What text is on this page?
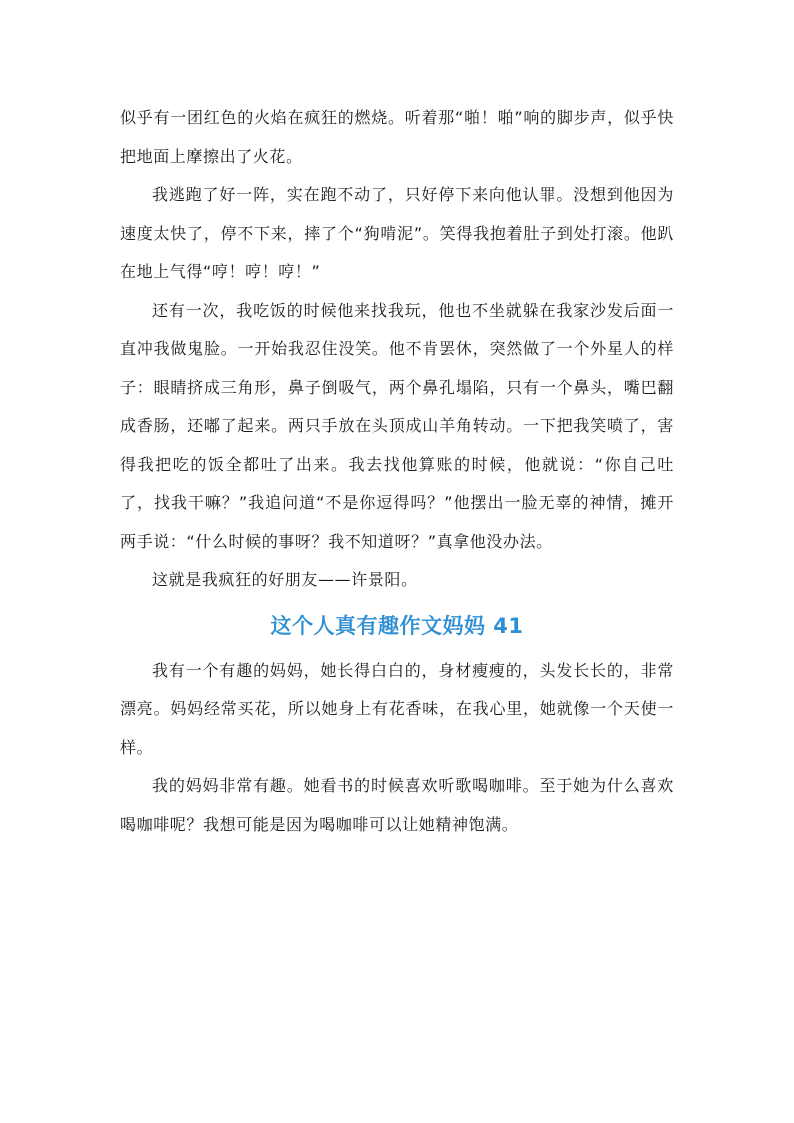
似乎有一团红色的火焰在疯狂的燃烧。听着那“啪！啪”响的脚步声，似乎快把地面上摩擦出了火花。

我逃跑了好一阵，实在跑不动了，只好停下来向他认罪。没想到他因为速度太快了，停不下来，摔了个“狗啃泥”。笑得我抱着肚子到处打滚。他趴在地上气得“哼！哼！哼！”

还有一次，我吃饭的时候他来找我玩，他也不坐就躲在我家沙发后面一直冲我做鬼脸。一开始我忍住没笑。他不肯罢休，突然做了一个外星人的样子：眼睛挤成三角形，鼻子倒吸气，两个鼻孔塌陷，只有一个鼻头，嘴巴翻成香肠，还嘟了起来。两只手放在头顶成山羊角转动。一下把我笑喷了，害得我把吃的饭全都吐了出来。我去找他算账的时候，他就说：“你自己吐了，找我干嘛？”我追问道“不是你逗得吗？”他摆出一脸无辜的神情，摊开两手说：“什么时候的事呀？我不知道呀？”真拿他没办法。

这就是我疯狂的好朋友——许景阳。

这个人真有趣作文妈妈 41

我有一个有趣的妈妈，她长得白白的，身材瘦瘦的，头发长长的，非常漂亮。妈妈经常买花，所以她身上有花香味，在我心里，她就像一个天使一样。

我的妈妈非常有趣。她看书的时候喜欢听歌喝咖啡。至于她为什么喜欢喝咖啡呢？我想可能是因为喝咖啡可以让她精神饱满。
